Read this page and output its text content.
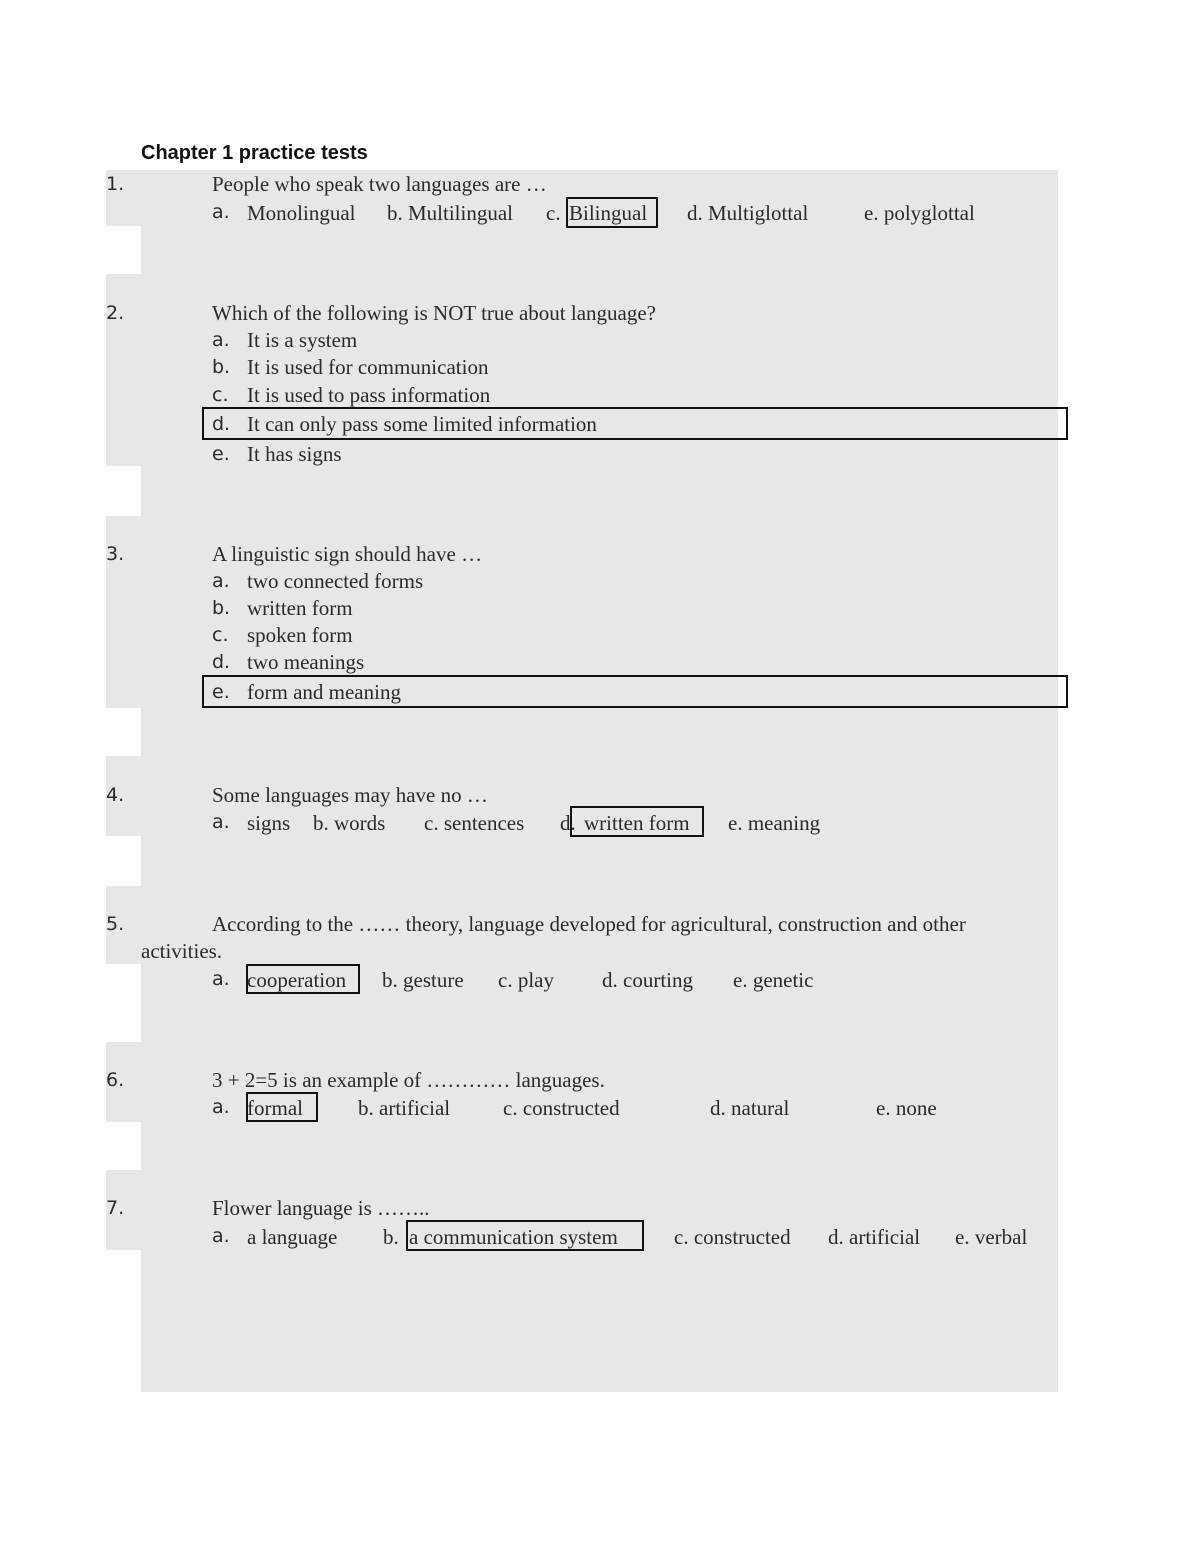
Chapter 1 practice tests
1.	People who speak two languages are …
a. Monolingual b. Multilingual c. Bilingual d. Multiglottal	e. polyglottal
2.	Which of the following is NOT true about language?
a. It is a system
b. It is used for communication
c. It is used to pass information
d. It can only pass some limited information
e. It has signs
3.	A linguistic sign should have …
a. two connected forms
b. written form
c. spoken form
d. two meanings
e. form and meaning
4.	Some languages may have no …
a. signs b. words c. sentences d. written form e. meaning
5.	According to the …… theory, language developed for agricultural, construction and other
activities.
a. cooperation b. gesture c. play d. courting e. genetic
6.	3 + 2=5 is an example of ………… languages.
a. formal	b. artificial	c. constructed	d. natural	e. none
7.	Flower language is ……..
a. a language b. a communication system	c. constructed d. artificial e. verbal
